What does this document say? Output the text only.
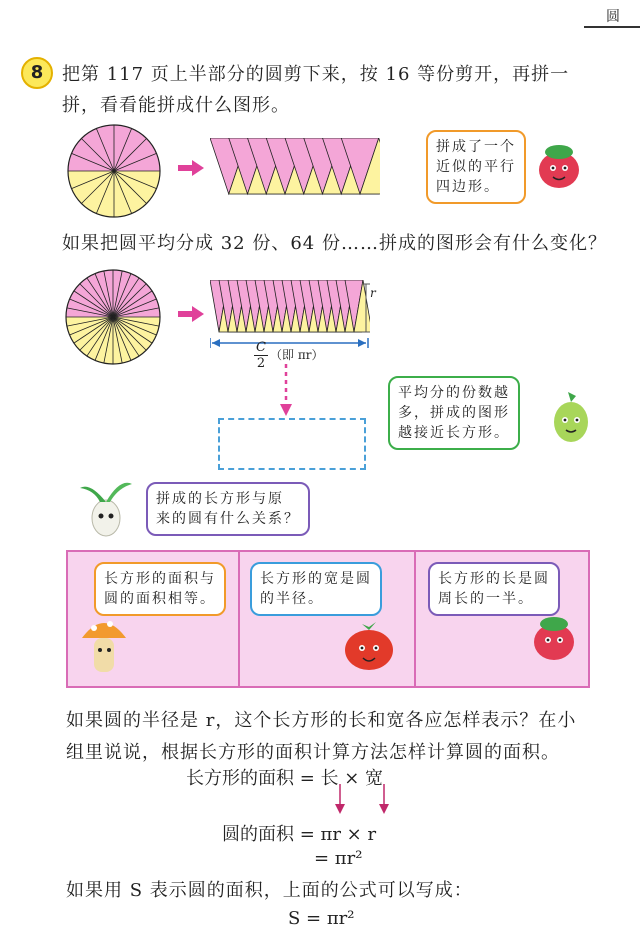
圆
8	把第 117 页上半部分的圆剪下来，按 16 等份剪开，再拼一
拼，看看能拼成什么图形。
拼成了一个
近似的平行
四边形。
如果把圆平均分成 32 份、64 份……拼成的图形会有什么变化？
r
$\frac{C}{2}$ （即 πr）
平均分的份数越
多，拼成的图形
越接近长方形。
拼成的长方形与原
来的圆有什么关系？
长方形的面积与
圆的面积相等。
长方形的宽是圆
的半径。
长方形的长是圆
周长的一半。
如果圆的半径是 r，这个长方形的长和宽各应怎样表示？在小
组里说说，根据长方形的面积计算方法怎样计算圆的面积。
长方形的面积 = 长 × 宽
圆的面积 = πr × r
= πr²
如果用 S 表示圆的面积，上面的公式可以写成：
S = πr²
